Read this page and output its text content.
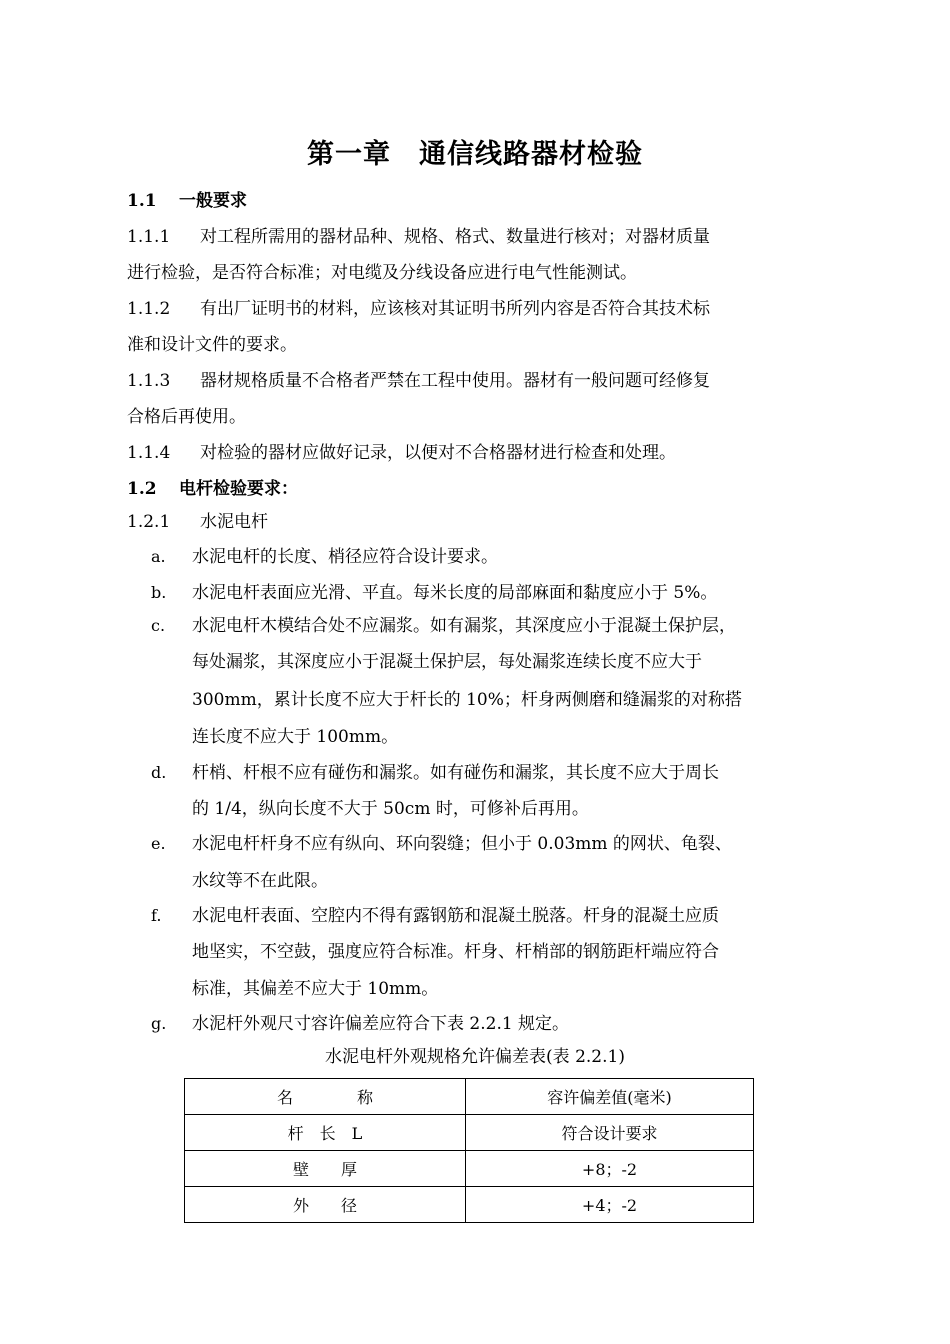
第一章　通信线路器材检验
1.1 一般要求
1.1.1 对工程所需用的器材品种、规格、格式、数量进行核对；对器材质量
进行检验，是否符合标准；对电缆及分线设备应进行电气性能测试。
1.1.2 有出厂证明书的材料，应该核对其证明书所列内容是否符合其技术标
准和设计文件的要求。
1.1.3 器材规格质量不合格者严禁在工程中使用。器材有一般问题可经修复
合格后再使用。
1.1.4 对检验的器材应做好记录，以便对不合格器材进行检查和处理。
1.2 电杆检验要求：
1.2.1 水泥电杆
a. 水泥电杆的长度、梢径应符合设计要求。
b. 水泥电杆表面应光滑、平直。每米长度的局部麻面和黏度应小于 5%。
c. 水泥电杆木模结合处不应漏浆。如有漏浆，其深度应小于混凝土保护层，
每处漏浆，其深度应小于混凝土保护层，每处漏浆连续长度不应大于
300mm，累计长度不应大于杆长的 10%；杆身两侧磨和缝漏浆的对称搭
连长度不应大于 100mm。
d. 杆梢、杆根不应有碰伤和漏浆。如有碰伤和漏浆，其长度不应大于周长
的 1/4，纵向长度不大于 50cm 时，可修补后再用。
e. 水泥电杆杆身不应有纵向、环向裂缝；但小于 0.03mm 的网状、龟裂、
水纹等不在此限。
f. 水泥电杆表面、空腔内不得有露钢筋和混凝土脱落。杆身的混凝土应质
地坚实，不空鼓，强度应符合标准。杆身、杆梢部的钢筋距杆端应符合
标准，其偏差不应大于 10mm。
g. 水泥杆外观尺寸容许偏差应符合下表 2.2.1 规定。
水泥电杆外观规格允许偏差表(表 2.2.1)
名　　　　称	容许偏差值(毫米)
杆　长　L	符合设计要求
壁　　厚	+8；-2
外　　径	+4；-2
